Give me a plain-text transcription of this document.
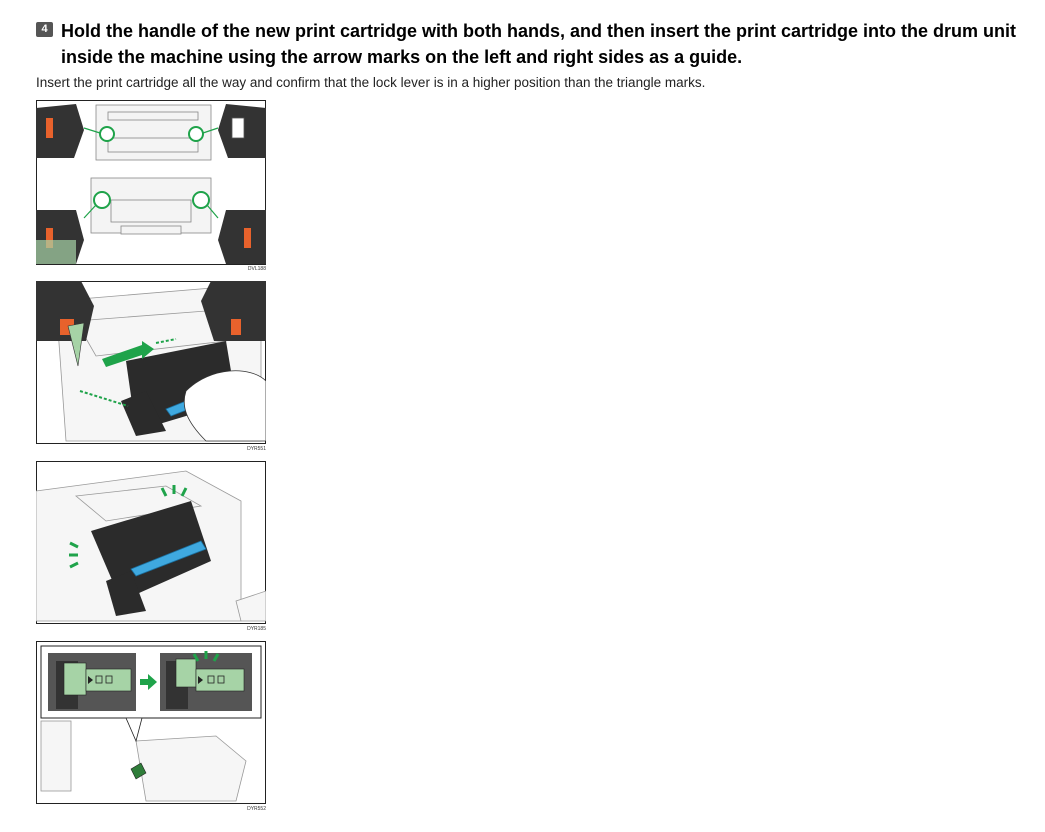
4 Hold the handle of the new print cartridge with both hands, and then insert the print cartridge into the drum unit inside the machine using the arrow marks on the left and right sides as a guide.

Insert the print cartridge all the way and confirm that the lock lever is in a higher position than the triangle marks.

DVL188
DYR551
DYR185
DYR552
